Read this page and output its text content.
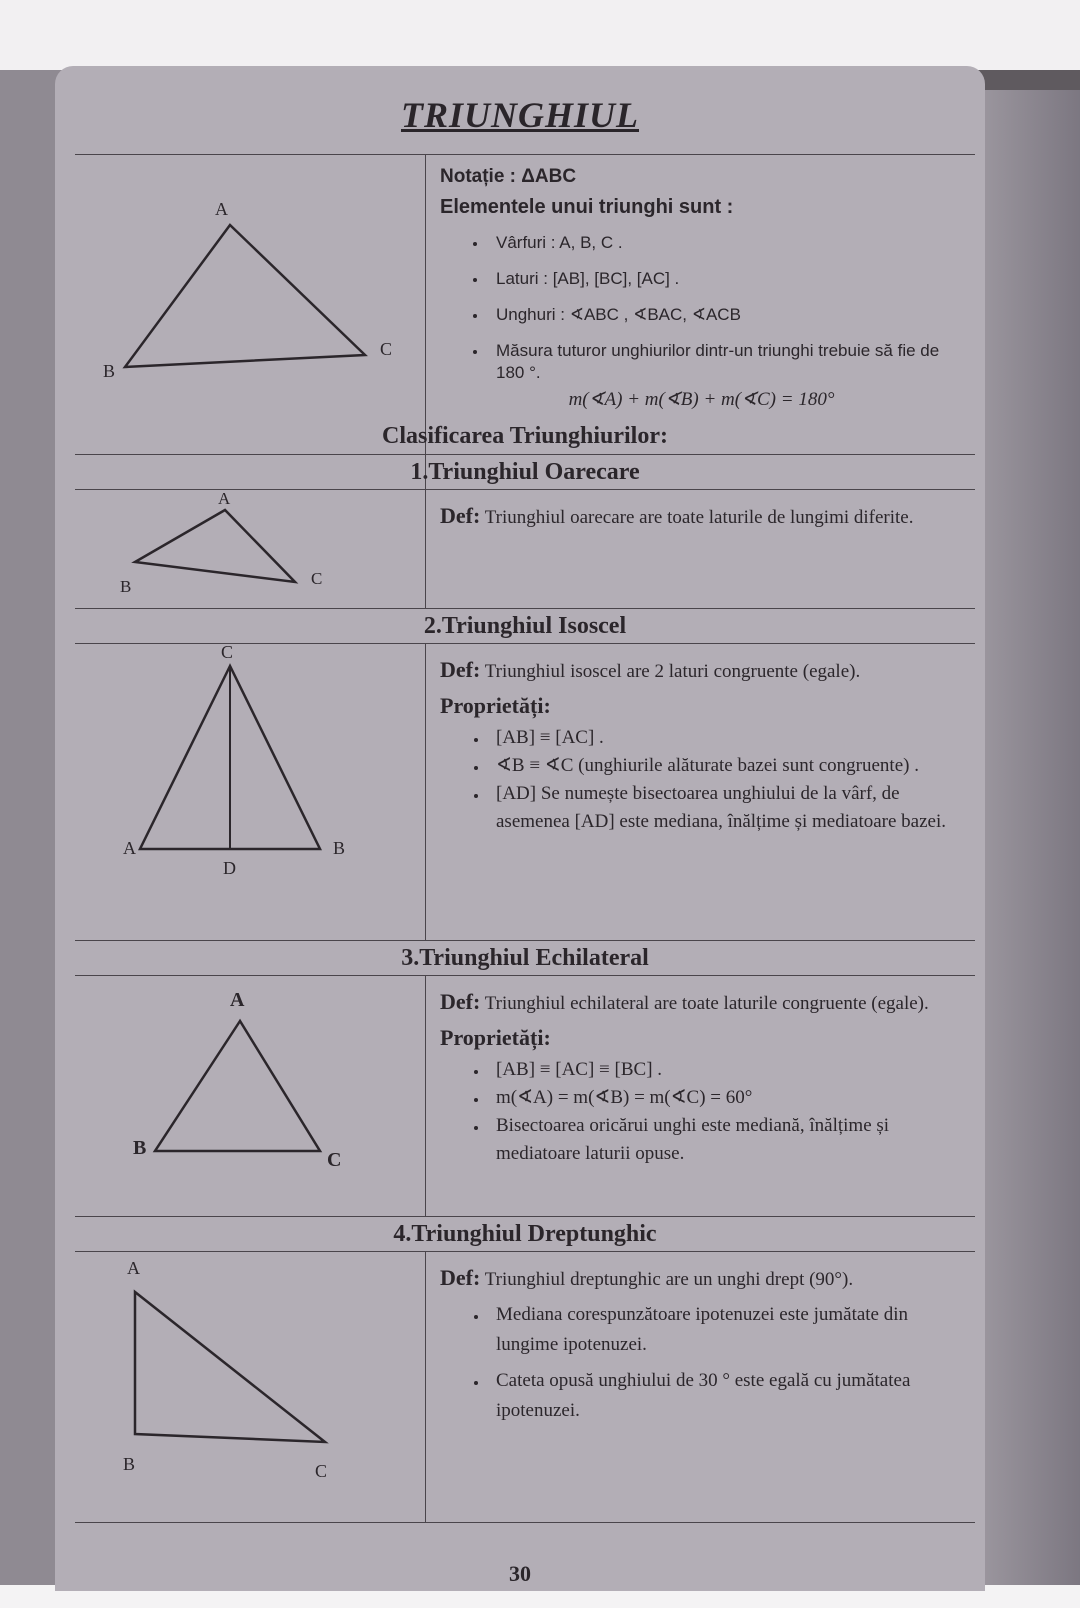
TRIUNGHIUL
A
B
C
Notație : ΔABC
Elementele unui triunghi sunt :
• Vârfuri : A, B, C .
• Laturi : [AB], [BC], [AC] .
• Unghuri : ∢ABC , ∢BAC, ∢ACB
• Măsura tuturor unghiurilor dintr-un triunghi trebuie să fie de 180 °.
m(∢A) + m(∢B) + m(∢C) = 180°
Clasificarea Triunghiurilor:
1.Triunghiul Oarecare
A
B	C
Def: Triunghiul oarecare are toate laturile de lungimi diferite.
2.Triunghiul Isoscel
C
A	B
D
Def: Triunghiul isoscel are 2 laturi congruente (egale).
Proprietăți:
• [AB] ≡ [AC] .
• ∢B ≡ ∢C (unghiurile alăturate bazei sunt congruente) .
• [AD] Se numește bisectoarea unghiului de la vârf, de asemenea [AD] este mediana, înălțime și mediatoare bazei.
3.Triunghiul Echilateral
A
B
C
Def: Triunghiul echilateral are toate laturile congruente (egale).
Proprietăți:
• [AB] ≡ [AC] ≡ [BC] .
• m(∢A) = m(∢B) = m(∢C) = 60°
• Bisectoarea oricărui unghi este mediană, înălțime și mediatoare laturii opuse.
4.Triunghiul Dreptunghic
A
B	C
Def: Triunghiul dreptunghic are un unghi drept (90°).
• Mediana corespunzătoare ipotenuzei este jumătate din lungime ipotenuzei.
• Cateta opusă unghiului de 30 ° este egală cu jumătatea ipotenuzei.
30
